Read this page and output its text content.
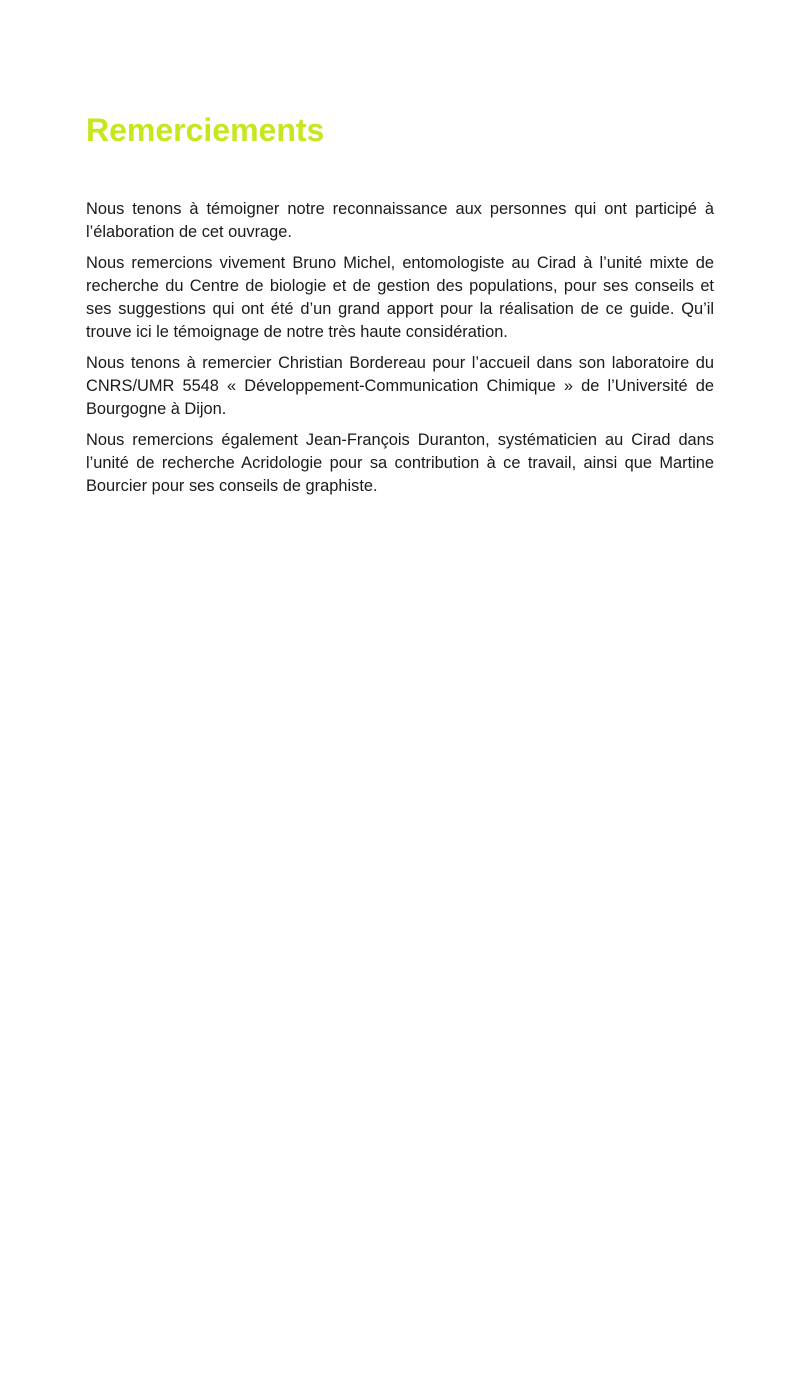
Remerciements

Nous tenons à témoigner notre reconnaissance aux personnes qui ont participé à l’élaboration de cet ouvrage.

Nous remercions vivement Bruno Michel, entomologiste au Cirad à l’unité mixte de recherche du Centre de biologie et de gestion des populations, pour ses conseils et ses suggestions qui ont été d’un grand apport pour la réalisation de ce guide. Qu’il trouve ici le témoignage de notre très haute considération.

Nous tenons à remercier Christian Bordereau pour l’accueil dans son laboratoire du CNRS/UMR 5548 « Développement-Communication Chimique » de l’Université de Bourgogne à Dijon.

Nous remercions également Jean-François Duranton, systématicien au Cirad dans l’unité de recherche Acridologie pour sa contribution à ce travail, ainsi que Martine Bourcier pour ses conseils de graphiste.
